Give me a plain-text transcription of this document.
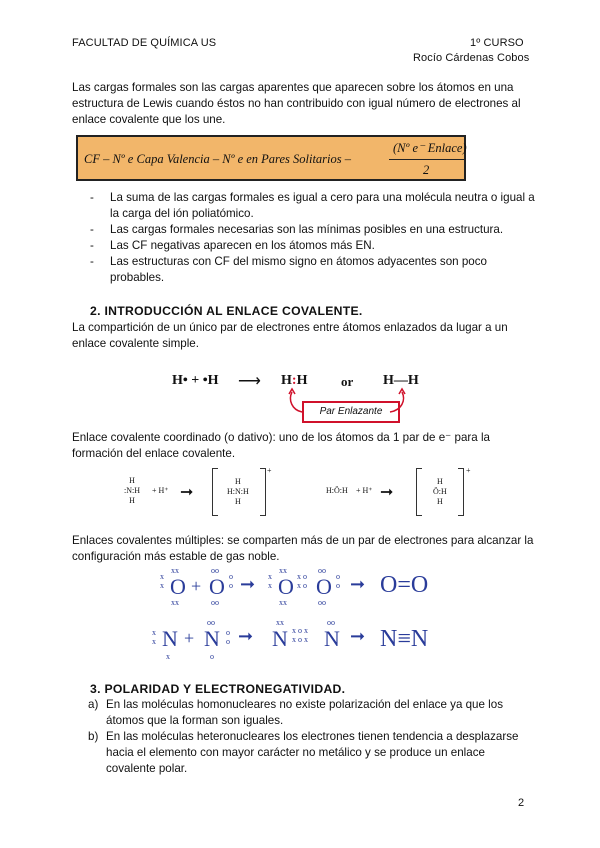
FACULTAD DE QUÍMICA US	1º CURSO
Rocío Cárdenas Cobos
Las cargas formales son las cargas aparentes que aparecen sobre los átomos en una estructura de Lewis cuando éstos no han contribuido con igual número de electrones al enlace covalente que los une.
CF – Nº e Capa Valencia – Nº e en Pares Solitarios –
(Nº e⁻ Enlace)
2
- La suma de las cargas formales es igual a cero para una molécula neutra o igual a la carga del ión poliatómico.
- Las cargas formales necesarias son las mínimas posibles en una estructura.
- Las CF negativas aparecen en los átomos más EN.
- Las estructuras con CF del mismo signo en átomos adyacentes son poco probables.
2. INTRODUCCIÓN AL ENLACE COVALENTE.
La compartición de un único par de electrones entre átomos enlazados da lugar a un enlace covalente simple.
H• + •H ⟶ H:H	or H—H
Par Enlazante
Enlace covalente coordinado (o dativo): uno de los átomos da 1 par de e⁻ para la formación del enlace covalente.
H
:N:H
H
+ H⁺ ➞
H
H:N:H
H
+
H:Ö:H + H⁺ ➞
H
Ö:H
H
+
Enlaces covalentes múltiples: se comparten más de un par de electrones para alcanzar la configuración más estable de gas noble.
x
x O
xx
xx
+ O
oo
oo
o
o ➞ x
x O
xx
xx
x o
x o O
oo
oo
o
o ➞ O=O
x
x N
x
+ N
oo
o
o
o ➞ N
xx
x o x
x o x N
oo
➞ N≡N
3. POLARIDAD Y ELECTRONEGATIVIDAD.
a) En las moléculas homonucleares no existe polarización del enlace ya que los átomos que la forman son iguales.
b) En las moléculas heteronucleares los electrones tienen tendencia a desplazarse hacia el elemento con mayor carácter no metálico y se produce un enlace covalente polar.
2
